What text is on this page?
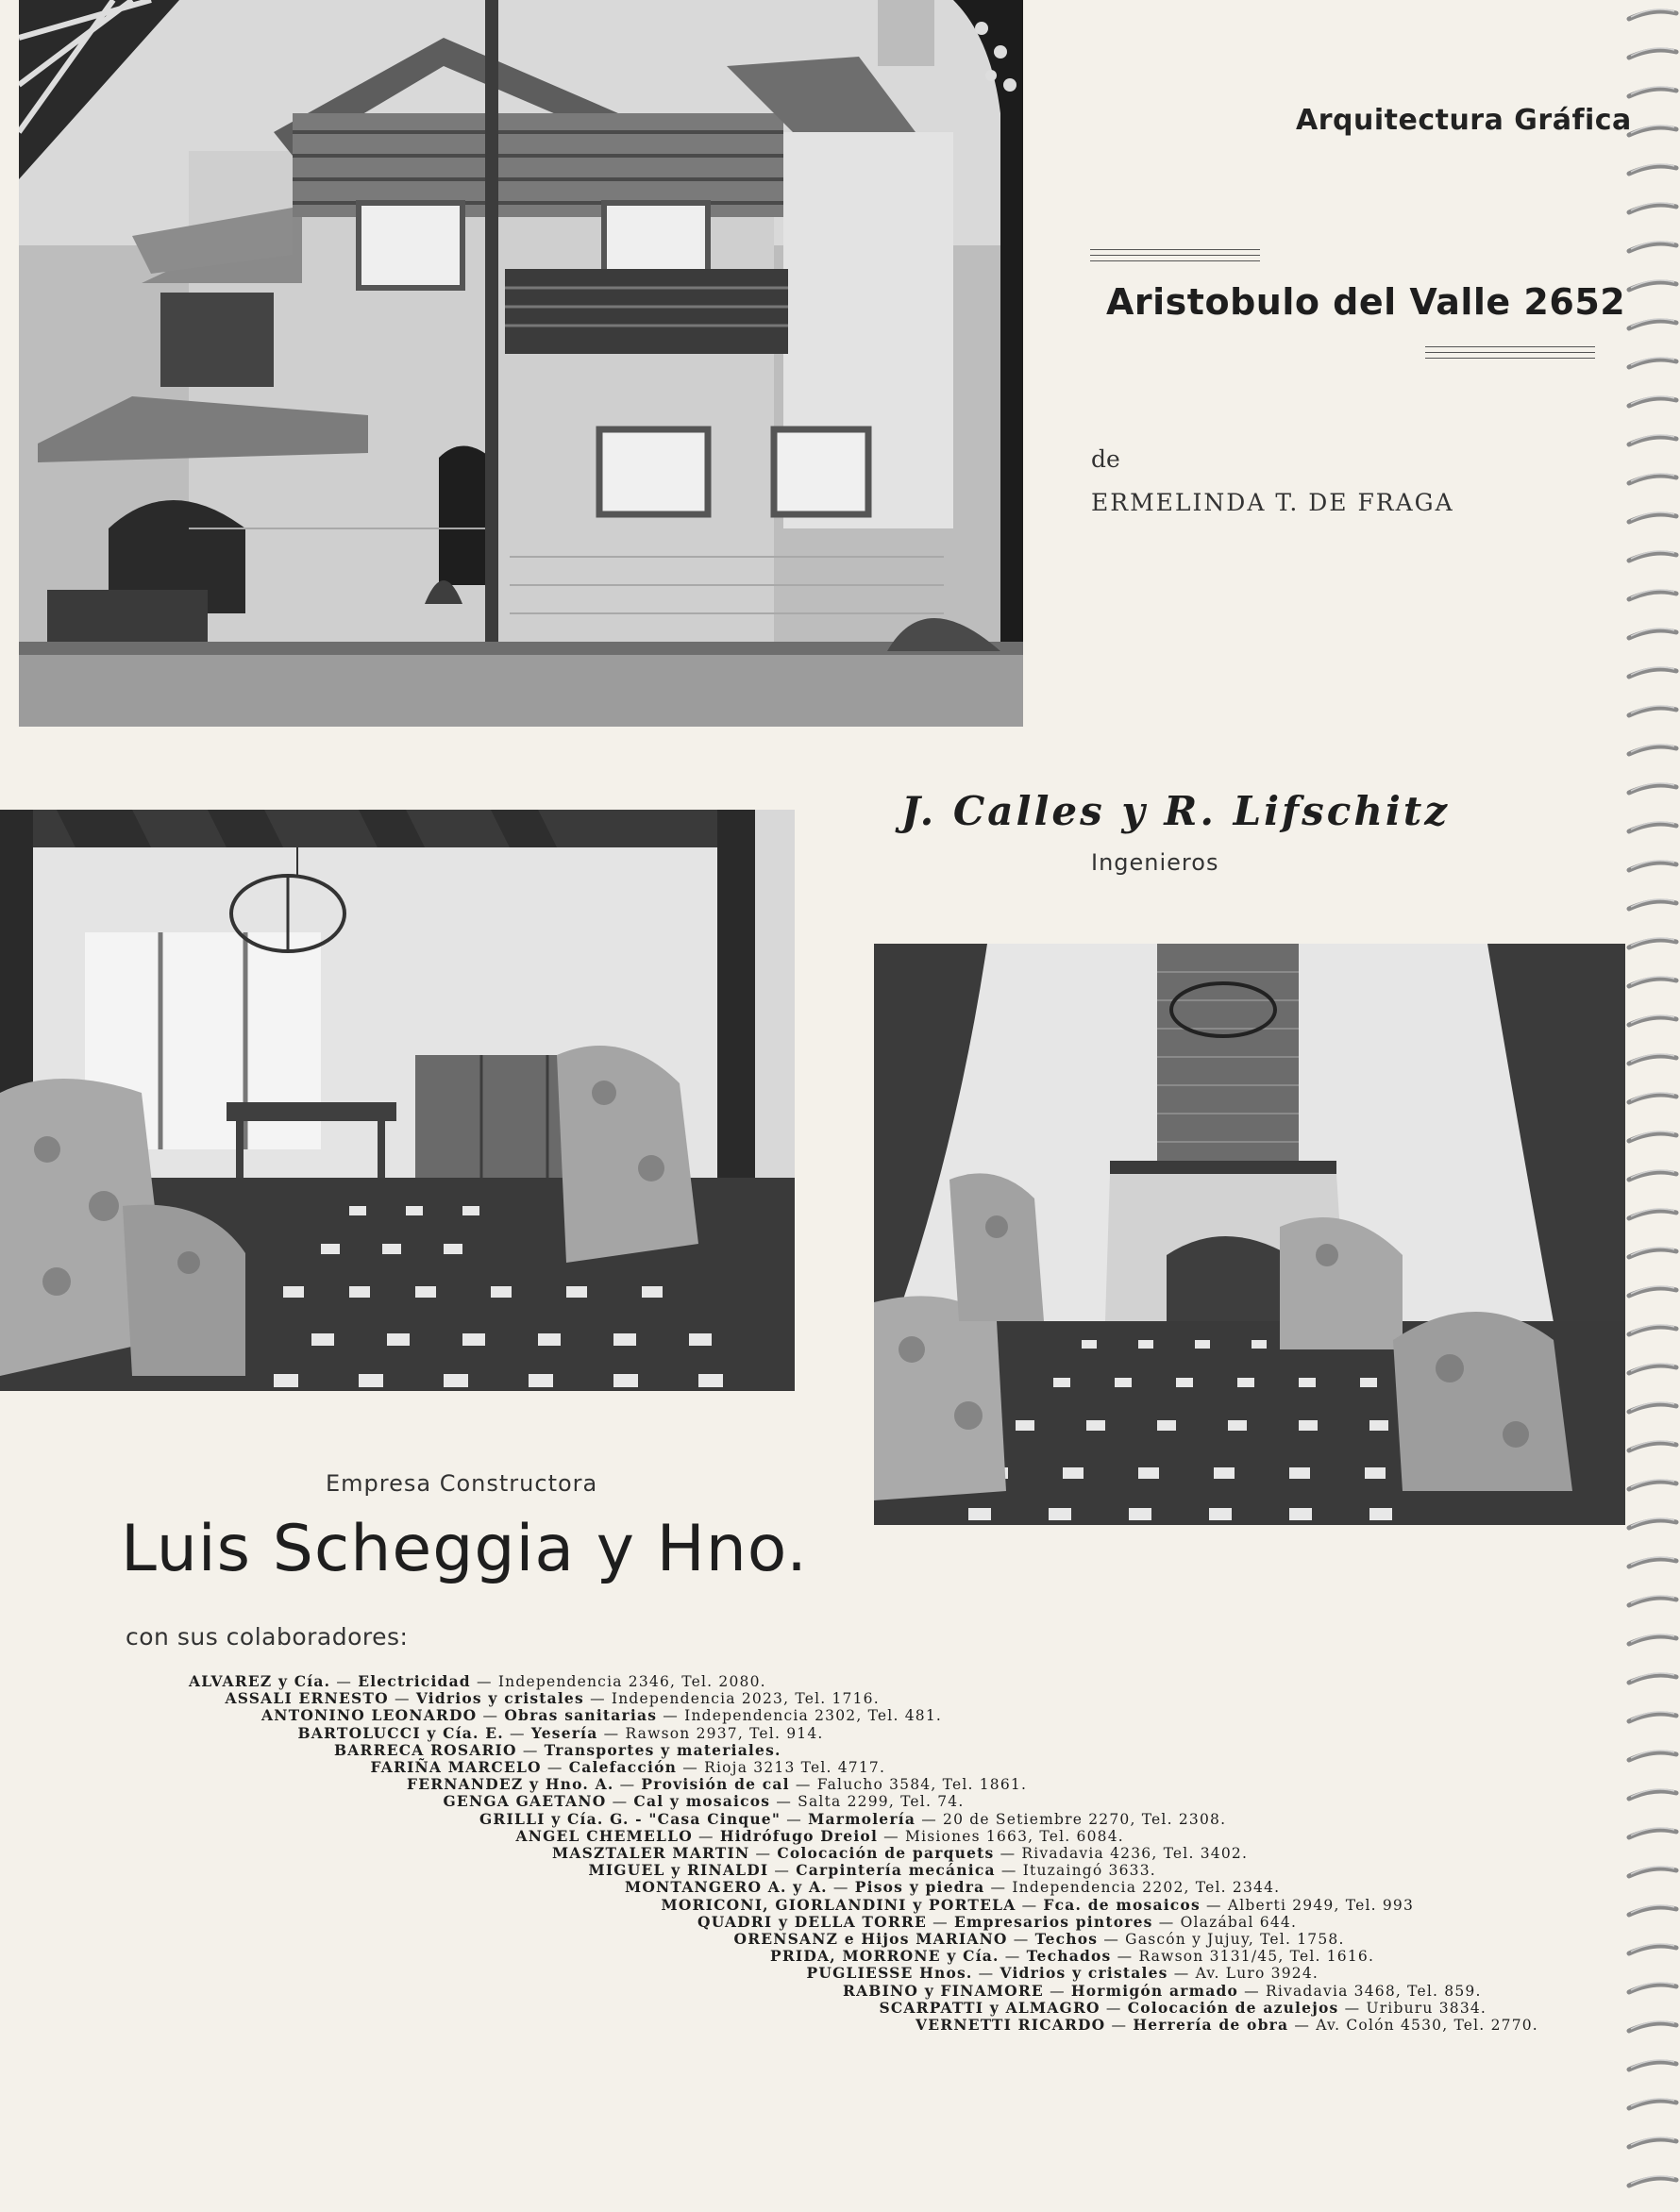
Arquitectura Gráfica
Aristobulo del Valle 2652
de
ERMELINDA T. DE FRAGA
J. Calles y R. Lifschitz
Ingenieros
Empresa Constructora
Luis Scheggia y Hno.
con sus colaboradores:
ALVAREZ y Cía. — Electricidad — Independencia 2346, Tel. 2080.
ASSALI ERNESTO — Vidrios y cristales — Independencia 2023, Tel. 1716.
ANTONINO LEONARDO — Obras sanitarias — Independencia 2302, Tel. 481.
BARTOLUCCI y Cía. E. — Yesería — Rawson 2937, Tel. 914.
BARRECA ROSARIO — Transportes y materiales.
FARIÑA MARCELO — Calefacción — Rioja 3213 Tel. 4717.
FERNANDEZ y Hno. A. — Provisión de cal — Falucho 3584, Tel. 1861.
GENGA GAETANO — Cal y mosaicos — Salta 2299, Tel. 74.
GRILLI y Cía. G. - "Casa Cinque" — Marmolería — 20 de Setiembre 2270, Tel. 2308.
ANGEL CHEMELLO — Hidrófugo Dreiol — Misiones 1663, Tel. 6084.
MASZTALER MARTIN — Colocación de parquets — Rivadavia 4236, Tel. 3402.
MIGUEL y RINALDI — Carpintería mecánica — Ituzaingó 3633.
MONTANGERO A. y A. — Pisos y piedra — Independencia 2202, Tel. 2344.
MORICONI, GIORLANDINI y PORTELA — Fca. de mosaicos — Alberti 2949, Tel. 993
QUADRI y DELLA TORRE — Empresarios pintores — Olazábal 644.
ORENSANZ e Hijos MARIANO — Techos — Gascón y Jujuy, Tel. 1758.
PRIDA, MORRONE y Cía. — Techados — Rawson 3131/45, Tel. 1616.
PUGLIESSE Hnos. — Vidrios y cristales — Av. Luro 3924.
RABINO y FINAMORE — Hormigón armado — Rivadavia 3468, Tel. 859.
SCARPATTI y ALMAGRO — Colocación de azulejos — Uriburu 3834.
VERNETTI RICARDO — Herrería de obra — Av. Colón 4530, Tel. 2770.
